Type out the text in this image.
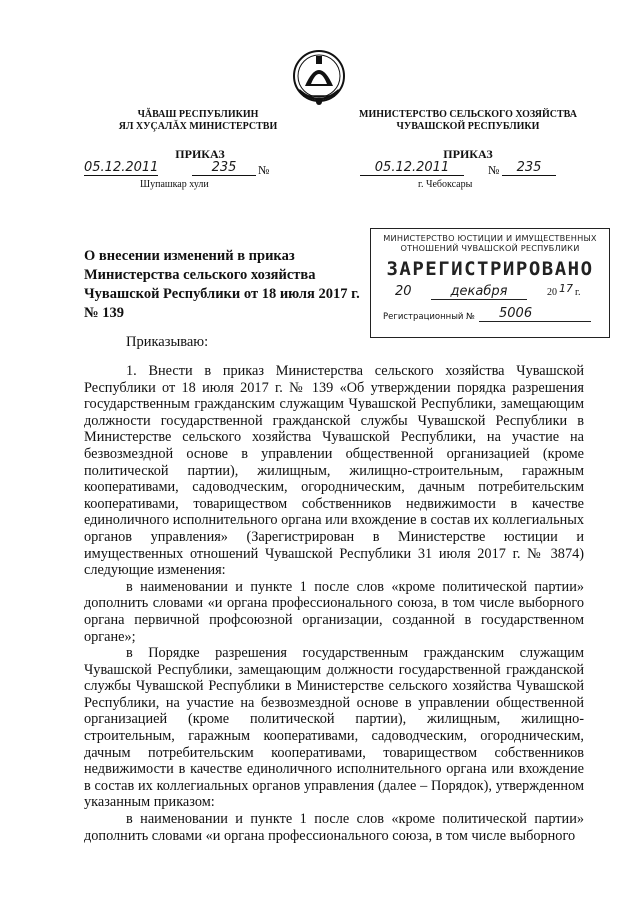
ЧĂВАШ РЕСПУБЛИКИН
ЯЛ ХУÇАЛĂХ МИНИСТЕРСТВИ
ПРИКАЗ
05.12.2011	235	№
Шупашкар хули
МИНИСТЕРСТВО СЕЛЬСКОГО ХОЗЯЙСТВА
ЧУВАШСКОЙ РЕСПУБЛИКИ
ПРИКАЗ
05.12.2011	№	235
г. Чебоксары
МИНИСТЕРСТВО ЮСТИЦИИ И ИМУЩЕСТВЕННЫХ
ОТНОШЕНИЙ ЧУВАШСКОЙ РЕСПУБЛИКИ
ЗАРЕГИСТРИРОВАНО
20	декабря	20 17 г.
Регистрационный №	5006
О внесении изменений в приказ
Министерства сельского хозяйства
Чувашской Республики от 18 июля 2017 г.
№ 139
Приказываю:

1. Внести в приказ Министерства сельского хозяйства Чувашской Республики от 18 июля 2017 г. № 139 «Об утверждении порядка разрешения государственным гражданским служащим Чувашской Республики, замещающим должности государственной гражданской службы Чувашской Республики в Министерстве сельского хозяйства Чувашской Республики, на участие на безвозмездной основе в управлении общественной организацией (кроме политической партии), жилищным, жилищно-строительным, гаражным кооперативами, садоводческим, огородническим, дачным потребительским кооперативами, товариществом собственников недвижимости в качестве единоличного исполнительного органа или вхождение в состав их коллегиальных органов управления» (Зарегистрирован в Министерстве юстиции и имущественных отношений Чувашской Республики 31 июля 2017 г. № 3874) следующие изменения:

в наименовании и пункте 1 после слов «кроме политической партии» дополнить словами «и органа профессионального союза, в том числе выборного органа первичной профсоюзной организации, созданной в государственном органе»;

в Порядке разрешения государственным гражданским служащим Чувашской Республики, замещающим должности государственной гражданской службы Чувашской Республики в Министерстве сельского хозяйства Чувашской Республики, на участие на безвозмездной основе в управлении общественной организацией (кроме политической партии), жилищным, жилищно-строительным, гаражным кооперативами, садоводческим, огородническим, дачным потребительским кооперативами, товариществом собственников недвижимости в качестве единоличного исполнительного органа или вхождение в состав их коллегиальных органов управления (далее – Порядок), утвержденном указанным приказом:

в наименовании и пункте 1 после слов «кроме политической партии» дополнить словами «и органа профессионального союза, в том числе выборного
